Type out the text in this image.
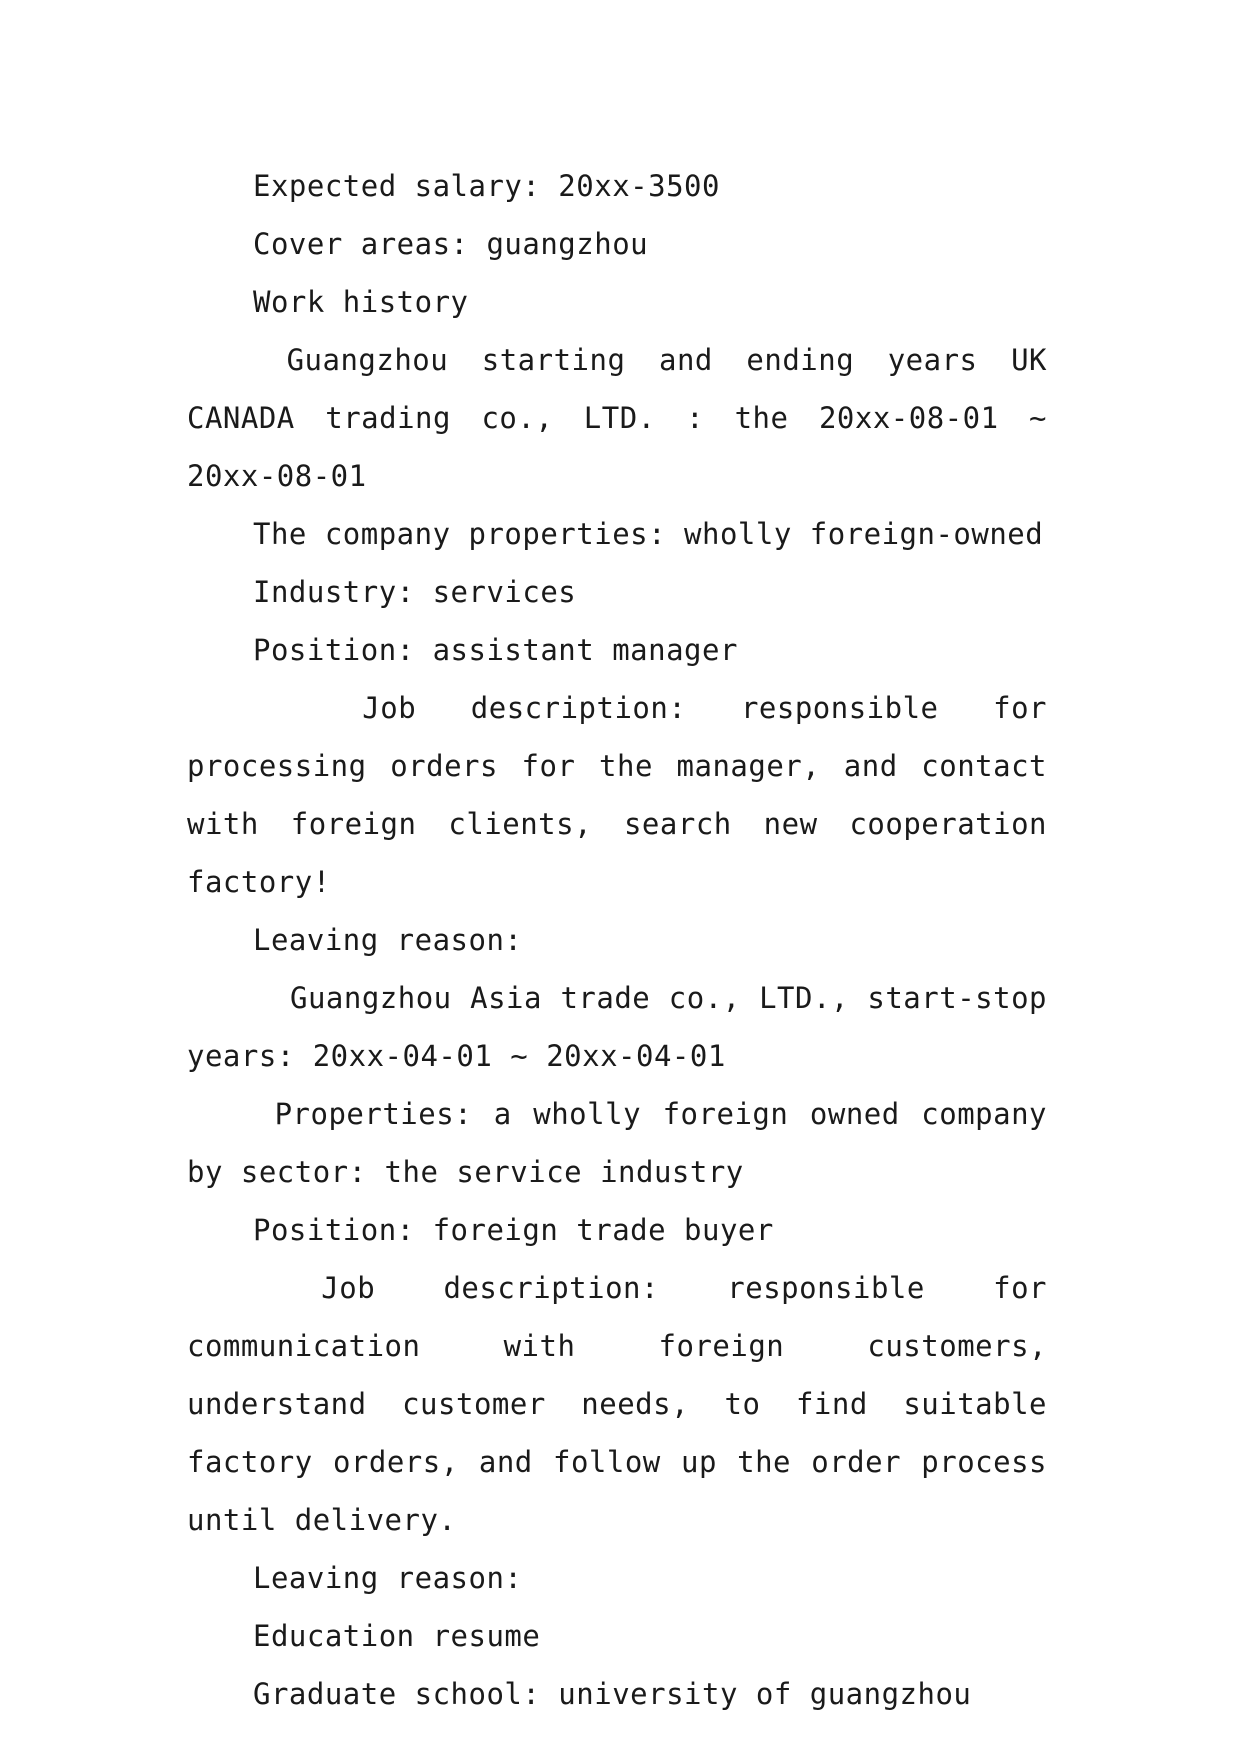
Expected salary: 20xx-3500

Cover areas: guangzhou

Work history

Guangzhou starting and ending years UK CANADA trading co., LTD. : the 20xx-08-01 ~ 20xx-08-01

The company properties: wholly foreign-owned

Industry: services

Position: assistant manager

Job description: responsible for processing orders for the manager, and contact with foreign clients, search new cooperation factory!

Leaving reason:

Guangzhou Asia trade co., LTD., start-stop years: 20xx-04-01 ~ 20xx-04-01

Properties: a wholly foreign owned company by sector: the service industry

Position: foreign trade buyer

Job description: responsible for communication with foreign customers, understand customer needs, to find suitable factory orders, and follow up the order process until delivery.

Leaving reason:

Education resume

Graduate school: university of guangzhou
